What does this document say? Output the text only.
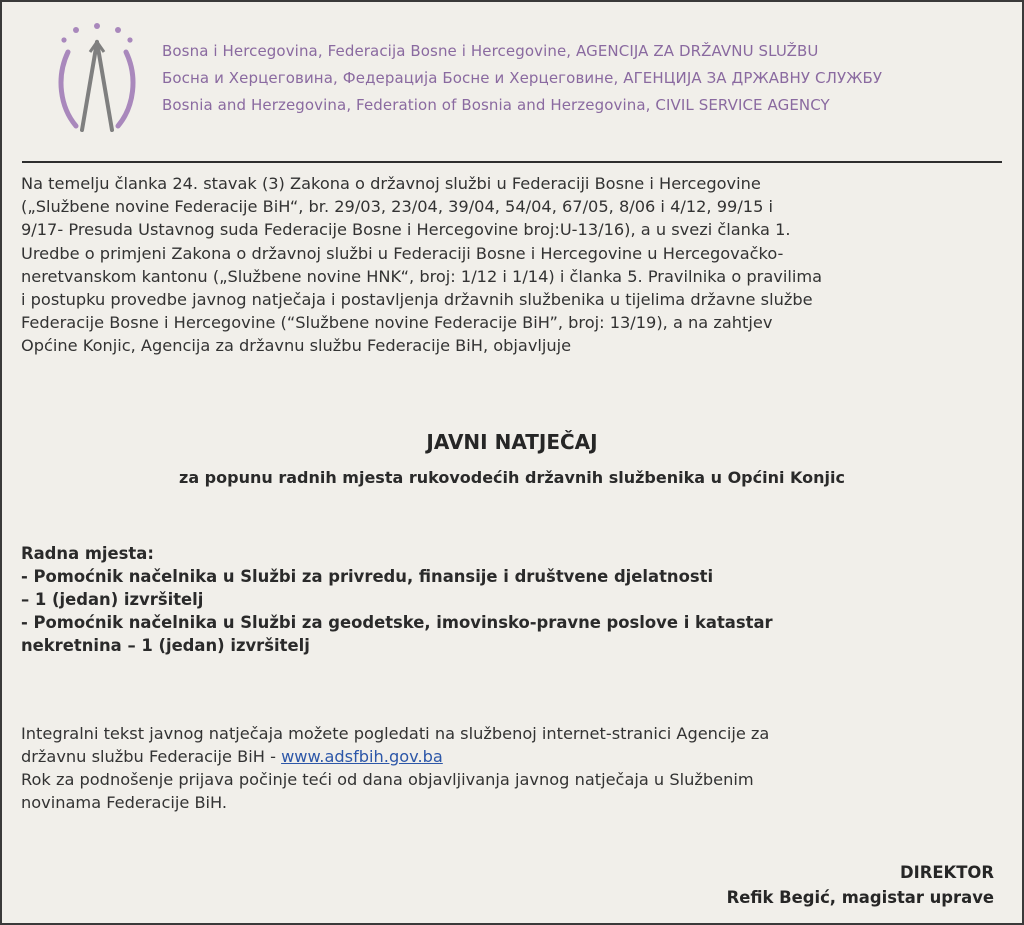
Bosna i Hercegovina, Federacija Bosne i Hercegovine, AGENCIJA ZA DRŽAVNU SLUŽBU
Босна и Херцеговина, Федерација Босне и Херцеговине, АГЕНЦИЈА ЗА ДРЖАВНУ СЛУЖБУ
Bosnia and Herzegovina, Federation of Bosnia and Herzegovina, CIVIL SERVICE AGENCY
Na temelju članka 24. stavak (3) Zakona o državnoj službi u Federaciji Bosne i Hercegovine
(„Službene novine Federacije BiH“, br. 29/03, 23/04, 39/04, 54/04, 67/05, 8/06 i 4/12, 99/15 i
9/17- Presuda Ustavnog suda Federacije Bosne i Hercegovine broj:U-13/16), a u svezi članka 1.
Uredbe o primjeni Zakona o državnoj službi u Federaciji Bosne i Hercegovine u Hercegovačko-
neretvanskom kantonu („Službene novine HNK“, broj: 1/12 i 1/14) i članka 5. Pravilnika o pravilima
i postupku provedbe javnog natječaja i postavljenja državnih službenika u tijelima državne službe
Federacije Bosne i Hercegovine (“Službene novine Federacije BiH”, broj: 13/19), a na zahtjev
Općine Konjic, Agencija za državnu službu Federacije BiH, objavljuje
JAVNI NATJEČAJ
za popunu radnih mjesta rukovodećih državnih službenika u Općini Konjic
Radna mjesta:
- Pomoćnik načelnika u Službi za privredu, finansije i društvene djelatnosti
– 1 (jedan) izvršitelj
- Pomoćnik načelnika u Službi za geodetske, imovinsko-pravne poslove i katastar
nekretnina – 1 (jedan) izvršitelj
Integralni tekst javnog natječaja možete pogledati na službenoj internet-stranici Agencije za
državnu službu Federacije BiH - www.adsfbih.gov.ba
Rok za podnošenje prijava počinje teći od dana objavljivanja javnog natječaja u Službenim
novinama Federacije BiH.
DIREKTOR
Refik Begić, magistar uprave
